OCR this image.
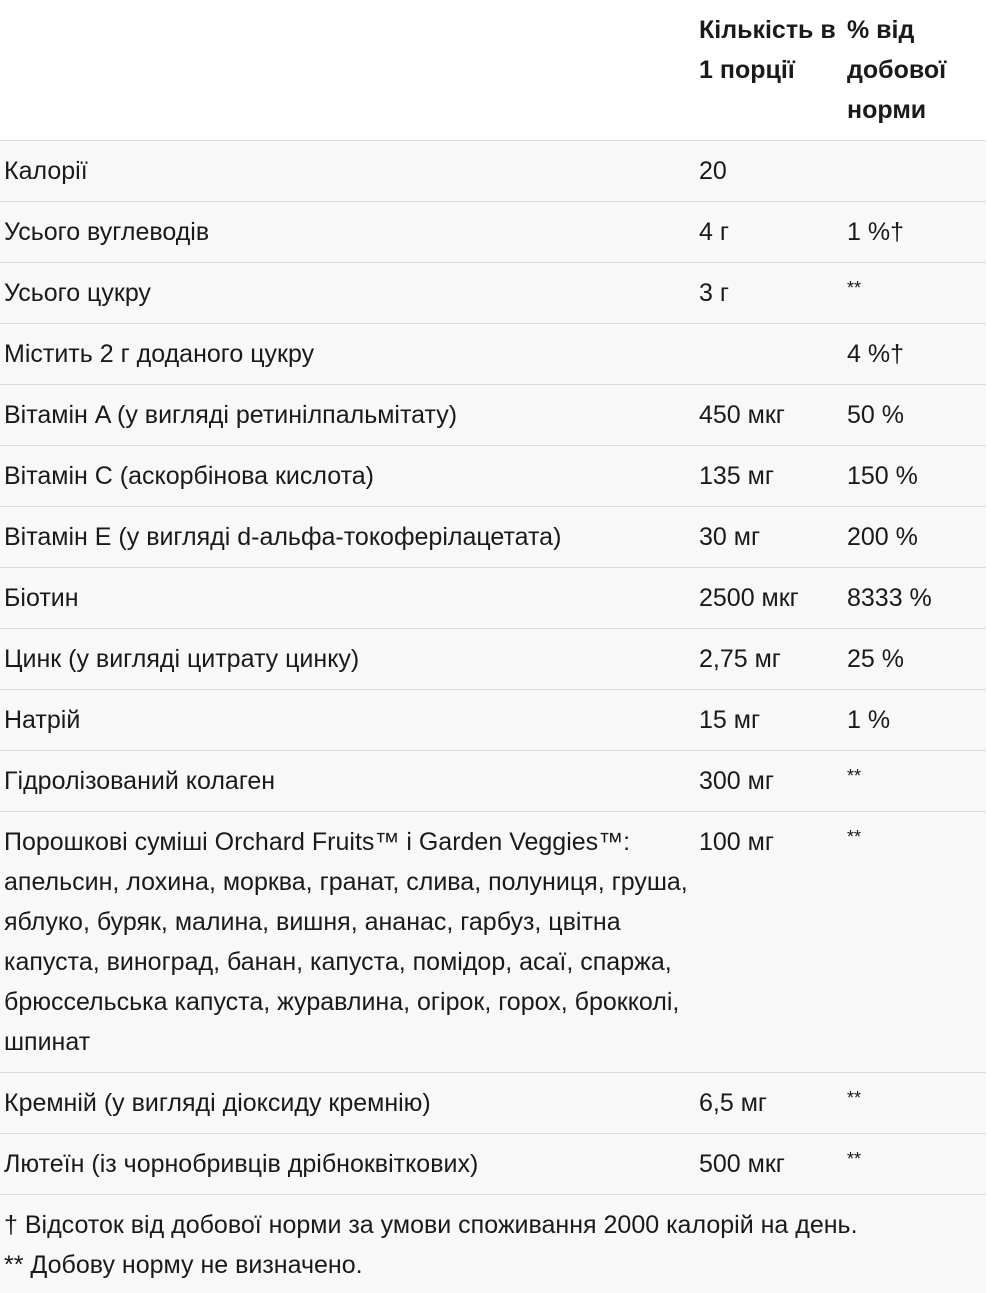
	Кількість в 1 порції	% від добової норми
Калорії	20	
Усього вуглеводів	4 г	1 %†
Усього цукру	3 г	**
Містить 2 г доданого цукру		4 %†
Вітамін A (у вигляді ретинілпальмітату)	450 мкг	50 %
Вітамін C (аскорбінова кислота)	135 мг	150 %
Вітамін E (у вигляді d-альфа-токоферілацетата)	30 мг	200 %
Біотин	2500 мкг	8333 %
Цинк (у вигляді цитрату цинку)	2,75 мг	25 %
Натрій	15 мг	1 %
Гідролізований колаген	300 мг	**
Порошкові суміші Orchard Fruits™ і Garden Veggies™: апельсин, лохина, морква, гранат, слива, полуниця, груша, яблуко, буряк, малина, вишня, ананас, гарбуз, цвітна капуста, виноград, банан, капуста, помідор, асаї, спаржа, брюссельська капуста, журавлина, огірок, горох, брокколі, шпинат	100 мг	**
Кремній (у вигляді діоксиду кремнію)	6,5 мг	**
Лютеїн (із чорнобривців дрібноквіткових)	500 мкг	**

† Відсоток від добової норми за умови споживання 2000 калорій на день.
** Добову норму не визначено.		
